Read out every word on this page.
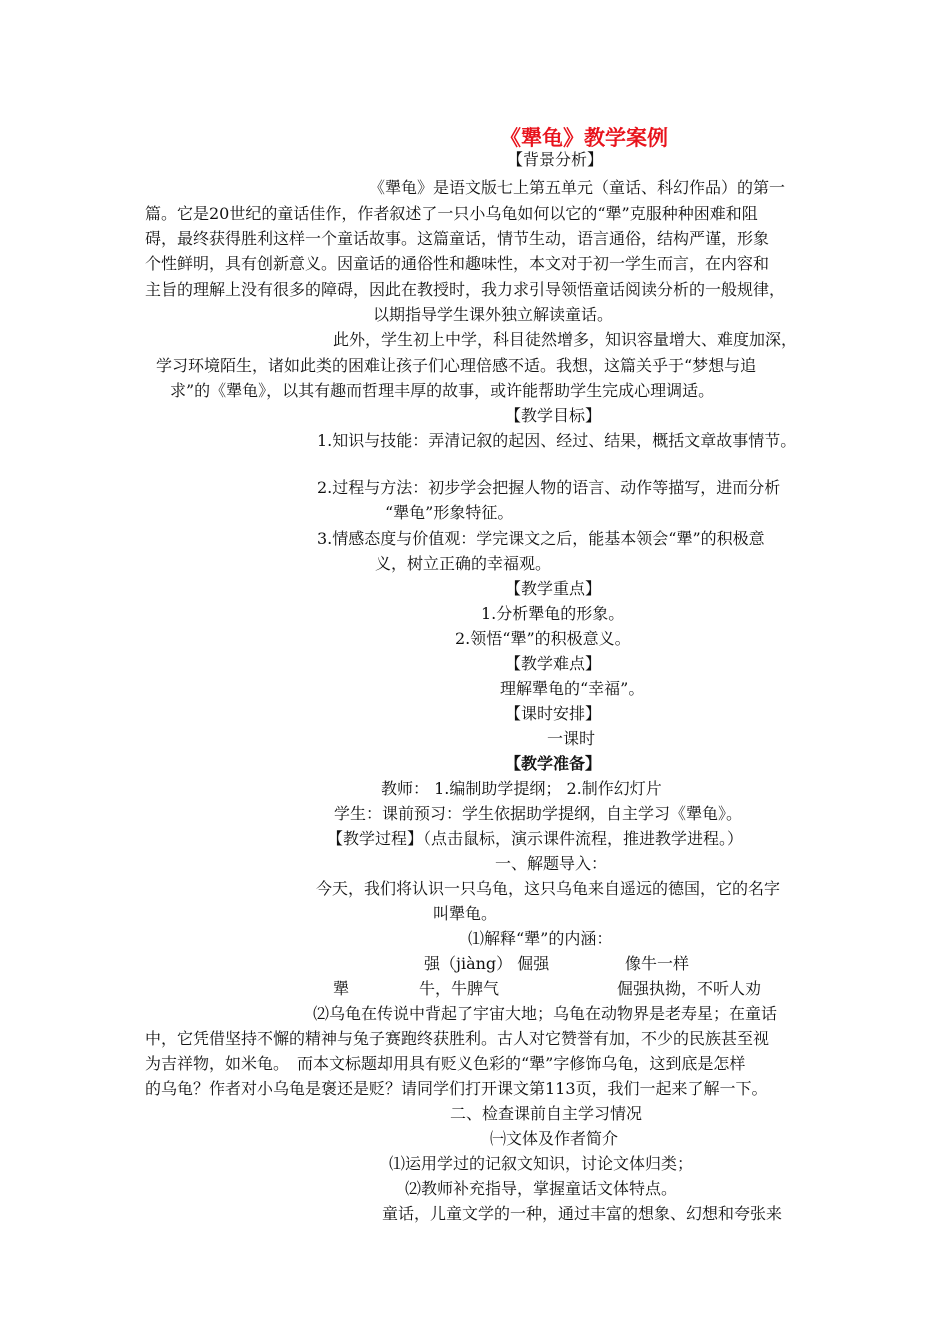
《犟龟》教学案例
【背景分析】
《犟龟》是语文版七上第五单元（童话、科幻作品）的第一
篇。它是20世纪的童话佳作，作者叙述了一只小乌龟如何以它的“犟”克服种种困难和阻
碍，最终获得胜利这样一个童话故事。这篇童话，情节生动，语言通俗，结构严谨，形象
个性鲜明，具有创新意义。因童话的通俗性和趣味性，本文对于初一学生而言，在内容和
主旨的理解上没有很多的障碍，因此在教授时，我力求引导领悟童话阅读分析的一般规律，
以期指导学生课外独立解读童话。
此外，学生初上中学，科目徒然增多，知识容量增大、难度加深，
学习环境陌生，诸如此类的困难让孩子们心理倍感不适。我想，这篇关乎于“梦想与追
求”的《犟龟》，以其有趣而哲理丰厚的故事，或许能帮助学生完成心理调适。
【教学目标】
1.知识与技能：弄清记叙的起因、经过、结果，概括文章故事情节。
2.过程与方法：初步学会把握人物的语言、动作等描写，进而分析
“犟龟”形象特征。
3.情感态度与价值观：学完课文之后，能基本领会“犟”的积极意
义，树立正确的幸福观。
【教学重点】
1.分析犟龟的形象。
2.领悟“犟”的积极意义。
【教学难点】
理解犟龟的“幸福”。
【课时安排】
一课时
【教学准备】
教师： 1.编制助学提纲； 2.制作幻灯片
学生：课前预习：学生依据助学提纲，自主学习《犟龟》。
【教学过程】（点击鼠标，演示课件流程，推进教学进程。）
一、解题导入：
今天，我们将认识一只乌龟，这只乌龟来自遥远的德国，它的名字
叫犟龟。
⑴解释“犟”的内涵：
强（jiàng） 倔强	像牛一样
犟	牛，牛脾气	倔强执拗，不听人劝
⑵乌龟在传说中背起了宇宙大地；乌龟在动物界是老寿星；在童话
中，它凭借坚持不懈的精神与兔子赛跑终获胜利。古人对它赞誉有加，不少的民族甚至视
为吉祥物，如米龟。　而本文标题却用具有贬义色彩的“犟”字修饰乌龟，这到底是怎样
的乌龟？作者对小乌龟是褒还是贬？请同学们打开课文第113页，我们一起来了解一下。
二、检查课前自主学习情况
㈠文体及作者简介
⑴运用学过的记叙文知识，讨论文体归类；
⑵教师补充指导，掌握童话文体特点。
童话，儿童文学的一种，通过丰富的想象、幻想和夸张来
